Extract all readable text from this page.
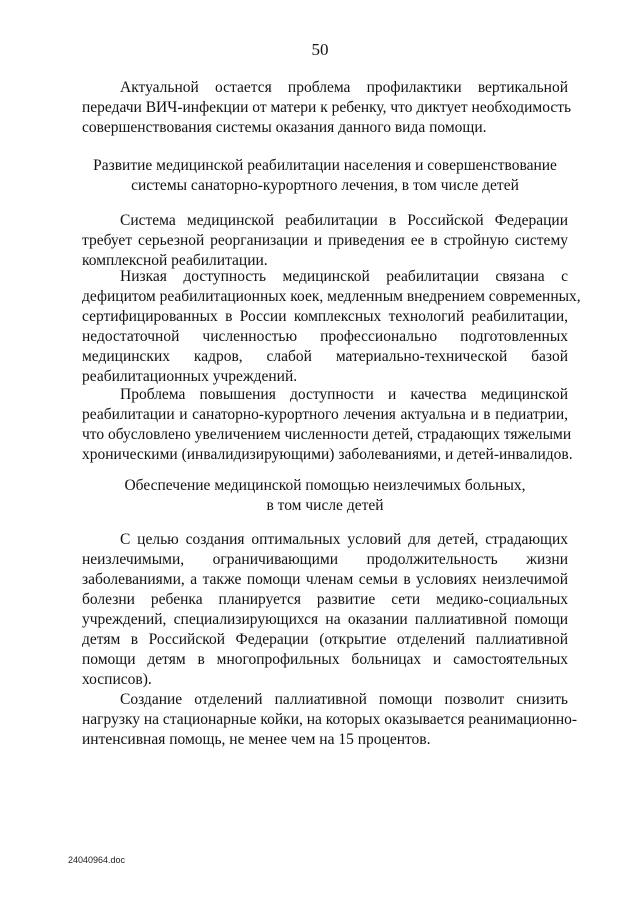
50
Актуальной остается проблема профилактики вертикальной
передачи ВИЧ-инфекции от матери к ребенку, что диктует необходимость
совершенствования системы оказания данного вида помощи.
Развитие медицинской реабилитации населения и совершенствование
системы санаторно-курортного лечения, в том числе детей
Система медицинской реабилитации в Российской Федерации
требует серьезной реорганизации и приведения ее в стройную систему
комплексной реабилитации.
Низкая доступность медицинской реабилитации связана с
дефицитом реабилитационных коек, медленным внедрением современных,
сертифицированных в России комплексных технологий реабилитации,
недостаточной численностью профессионально подготовленных
медицинских кадров, слабой материально-технической базой
реабилитационных учреждений.
Проблема повышения доступности и качества медицинской
реабилитации и санаторно-курортного лечения актуальна и в педиатрии,
что обусловлено увеличением численности детей, страдающих тяжелыми
хроническими (инвалидизирующими) заболеваниями, и детей-инвалидов.
Обеспечение медицинской помощью неизлечимых больных,
в том числе детей
С целью создания оптимальных условий для детей, страдающих
неизлечимыми, ограничивающими продолжительность жизни
заболеваниями, а также помощи членам семьи в условиях неизлечимой
болезни ребенка планируется развитие сети медико-социальных
учреждений, специализирующихся на оказании паллиативной помощи
детям в Российской Федерации (открытие отделений паллиативной
помощи детям в многопрофильных больницах и самостоятельных
хосписов).
Создание отделений паллиативной помощи позволит снизить
нагрузку на стационарные койки, на которых оказывается реанимационно-
интенсивная помощь, не менее чем на 15 процентов.
24040964.doc
